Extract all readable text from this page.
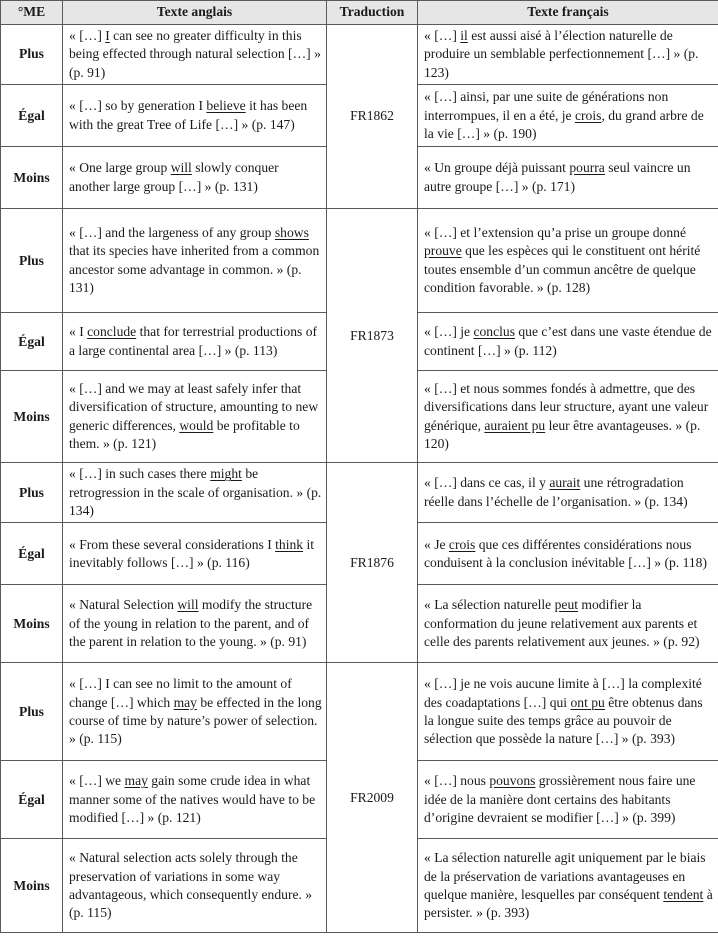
°ME	Texte anglais	Traduction	Texte français
Plus	« […] I can see no greater difficulty in this being effected through natural selection […] » (p. 91)	FR1862	« […] il est aussi aisé à l’élection naturelle de produire un semblable perfectionnement […] » (p. 123)
Égal	« […] so by generation I believe it has been with the great Tree of Life […] » (p. 147)		« […] ainsi, par une suite de générations non interrompues, il en a été, je crois, du grand arbre de la vie […] » (p. 190)
Moins	« One large group will slowly conquer another large group […] » (p. 131)		« Un groupe déjà puissant pourra seul vaincre un autre groupe […] » (p. 171)
Plus	« […] and the largeness of any group shows that its species have inherited from a common ancestor some advantage in common. » (p. 131)	FR1873	« […] et l’extension qu’a prise un groupe donné prouve que les espèces qui le constituent ont hérité toutes ensemble d’un commun ancêtre de quelque condition favorable. » (p. 128)
Égal	« I conclude that for terrestrial productions of a large continental area […] » (p. 113)		« […] je conclus que c’est dans une vaste étendue de continent […] » (p. 112)
Moins	« […] and we may at least safely infer that diversification of structure, amounting to new generic differences, would be profitable to them. » (p. 121)		« […] et nous sommes fondés à admettre, que des diversifications dans leur structure, ayant une valeur générique, auraient pu leur être avantageuses. » (p. 120)
Plus	« […] in such cases there might be retrogression in the scale of organisation. » (p. 134)	FR1876	« […] dans ce cas, il y aurait une rétrogradation réelle dans l’échelle de l’organisation. » (p. 134)
Égal	« From these several considerations I think it inevitably follows […] » (p. 116)		« Je crois que ces différentes considérations nous conduisent à la conclusion inévitable […] » (p. 118)
Moins	« Natural Selection will modify the structure of the young in relation to the parent, and of the parent in relation to the young. » (p. 91)		« La sélection naturelle peut modifier la conformation du jeune relativement aux parents et celle des parents relativement aux jeunes. » (p. 92)
Plus	« […] I can see no limit to the amount of change […] which may be effected in the long course of time by nature’s power of selection. » (p. 115)	FR2009	« […] je ne vois aucune limite à […] la complexité des coadaptations […] qui ont pu être obtenus dans la longue suite des temps grâce au pouvoir de sélection que possède la nature […] » (p. 393)
Égal	« […] we may gain some crude idea in what manner some of the natives would have to be modified […] » (p. 121)		« […] nous pouvons grossièrement nous faire une idée de la manière dont certains des habitants d’origine devraient se modifier […] » (p. 399)
Moins	« Natural selection acts solely through the preservation of variations in some way advantageous, which consequently endure. » (p. 115)		« La sélection naturelle agit uniquement par le biais de la préservation de variations avantageuses en quelque manière, lesquelles par conséquent tendent à persister. » (p. 393)
